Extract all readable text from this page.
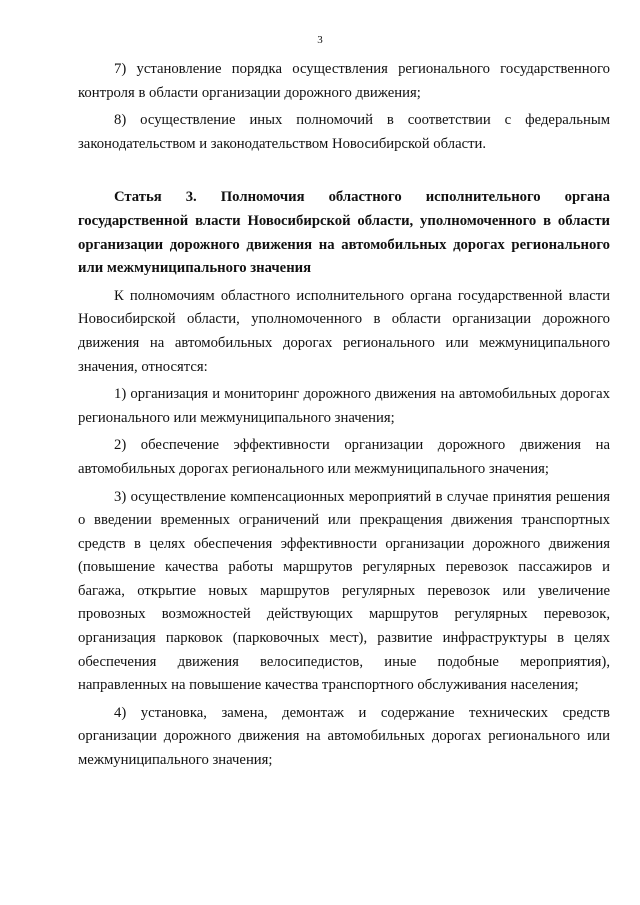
3

7) установление порядка осуществления регионального государственного контроля в области организации дорожного движения;

8) осуществление иных полномочий в соответствии с федеральным законодательством и законодательством Новосибирской области.

Статья 3. Полномочия областного исполнительного органа государственной власти Новосибирской области, уполномоченного в области организации дорожного движения на автомобильных дорогах регионального или межмуниципального значения

К полномочиям областного исполнительного органа государственной власти Новосибирской области, уполномоченного в области организации дорожного движения на автомобильных дорогах регионального или межмуниципального значения, относятся:

1) организация и мониторинг дорожного движения на автомобильных дорогах регионального или межмуниципального значения;

2) обеспечение эффективности организации дорожного движения на автомобильных дорогах регионального или межмуниципального значения;

3) осуществление компенсационных мероприятий в случае принятия решения о введении временных ограничений или прекращения движения транспортных средств в целях обеспечения эффективности организации дорожного движения (повышение качества работы маршрутов регулярных перевозок пассажиров и багажа, открытие новых маршрутов регулярных перевозок или увеличение провозных возможностей действующих маршрутов регулярных перевозок, организация парковок (парковочных мест), развитие инфраструктуры в целях обеспечения движения велосипедистов, иные подобные мероприятия), направленных на повышение качества транспортного обслуживания населения;

4) установка, замена, демонтаж и содержание технических средств организации дорожного движения на автомобильных дорогах регионального или межмуниципального значения;
